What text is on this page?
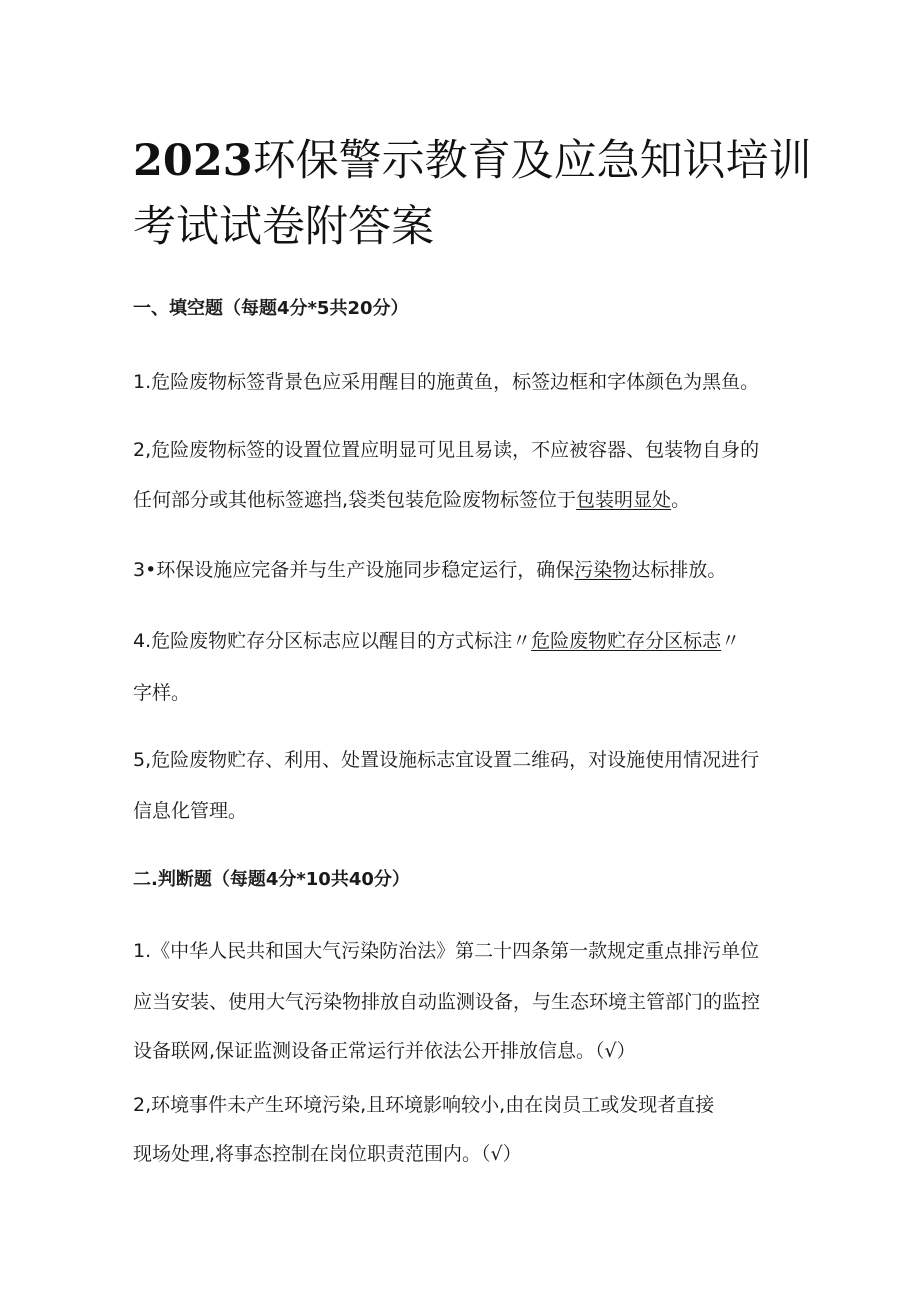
2023环保警示教育及应急知识培训
考试试卷附答案

一、填空题（每题4分*5共20分）

1.危险废物标签背景色应采用醒目的施黄鱼，标签边框和字体颜色为黑鱼。

2,危险废物标签的设置位置应明显可见且易读，不应被容器、包装物自身的

任何部分或其他标签遮挡,袋类包装危险废物标签位于包装明显处。

3•环保设施应完备并与生产设施同步稳定运行，确保污染物达标排放。

4.危险废物贮存分区标志应以醒目的方式标注〃危险废物贮存分区标志〃

字样。

5,危险废物贮存、利用、处置设施标志宜设置二维码，对设施使用情况进行

信息化管理。

二.判断题（每题4分*10共40分）

1.《中华人民共和国大气污染防治法》第二十四条第一款规定重点排污单位

应当安装、使用大气污染物排放自动监测设备，与生态环境主管部门的监控

设备联网,保证监测设备正常运行并依法公开排放信息。（√）

2,环境事件未产生环境污染,且环境影响较小,由在岗员工或发现者直接

现场处理,将事态控制在岗位职责范围内。（√）
